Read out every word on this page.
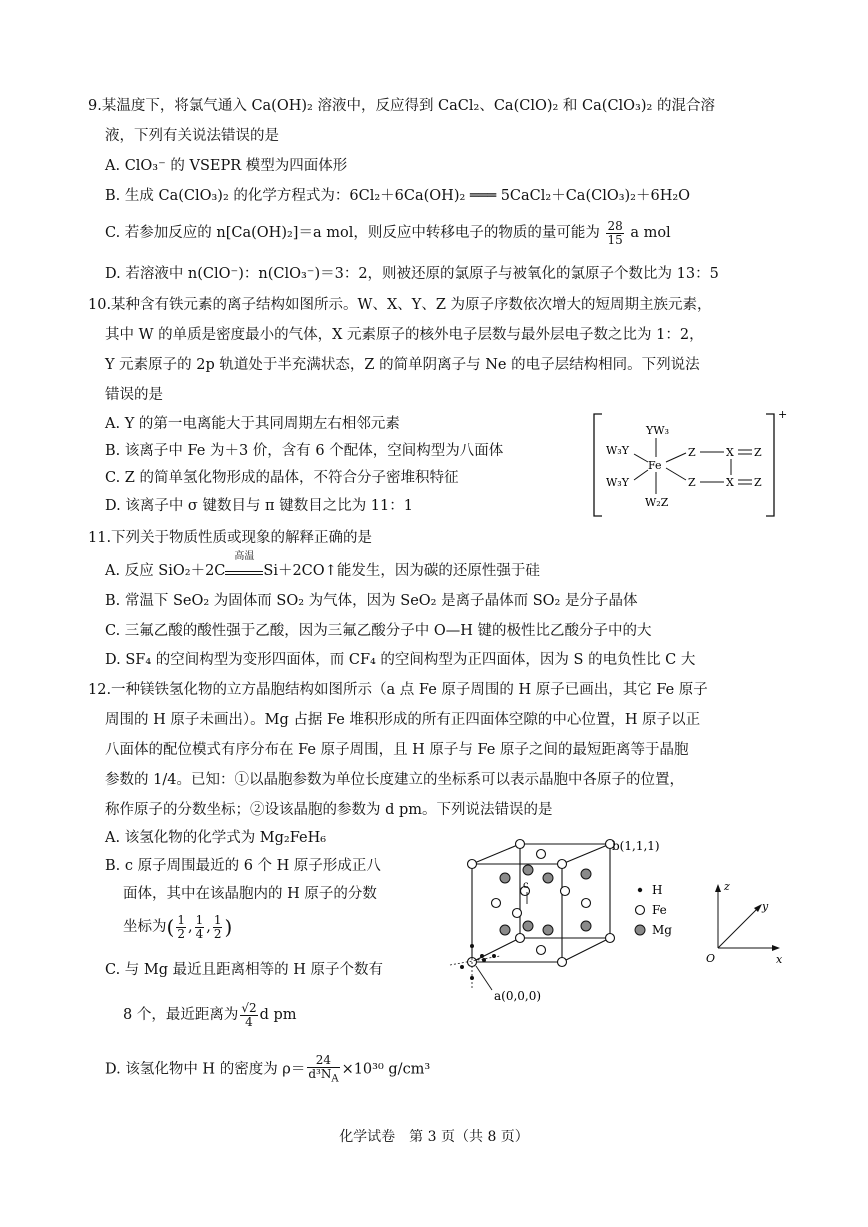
9.某温度下，将氯气通入 Ca(OH)₂ 溶液中，反应得到 CaCl₂、Ca(ClO)₂ 和 Ca(ClO₃)₂ 的混合溶
液，下列有关说法错误的是
A. ClO₃⁻ 的 VSEPR 模型为四面体形
B. 生成 Ca(ClO₃)₂ 的化学方程式为：6Cl₂＋6Ca(OH)₂ ═══ 5CaCl₂＋Ca(ClO₃)₂＋6H₂O
C. 若参加反应的 n[Ca(OH)₂]＝a mol，则反应中转移电子的物质的量可能为 $\frac{28}{15}$ a mol
D. 若溶液中 n(ClO⁻)：n(ClO₃⁻)＝3：2，则被还原的氯原子与被氧化的氯原子个数比为 13：5
10.某种含有铁元素的离子结构如图所示。W、X、Y、Z 为原子序数依次增大的短周期主族元素，
其中 W 的单质是密度最小的气体，X 元素原子的核外电子层数与最外层电子数之比为 1：2，
Y 元素原子的 2p 轨道处于半充满状态，Z 的简单阴离子与 Ne 的电子层结构相同。下列说法
错误的是
A. Y 的第一电离能大于其同周期左右相邻元素
B. 该离子中 Fe 为＋3 价，含有 6 个配体，空间构型为八面体
C. Z 的简单氢化物形成的晶体，不符合分子密堆积特征
D. 该离子中 σ 键数目与 π 键数目之比为 11：1
+
YW₃
W₃Y
W₃Y
Fe
W₂Z
Z
Z
X
X
Z
Z
11.下列关于物质性质或现象的解释正确的是
A. 反应 SiO₂＋2C
高温
Si＋2CO↑能发生，因为碳的还原性强于硅
B. 常温下 SeO₂ 为固体而 SO₂ 为气体，因为 SeO₂ 是离子晶体而 SO₂ 是分子晶体
C. 三氟乙酸的酸性强于乙酸，因为三氟乙酸分子中 O—H 键的极性比乙酸分子中的大
D. SF₄ 的空间构型为变形四面体，而 CF₄ 的空间构型为正四面体，因为 S 的电负性比 C 大
12.一种镁铁氢化物的立方晶胞结构如图所示（a 点 Fe 原子周围的 H 原子已画出，其它 Fe 原子
周围的 H 原子未画出）。Mg 占据 Fe 堆积形成的所有正四面体空隙的中心位置，H 原子以正
八面体的配位模式有序分布在 Fe 原子周围，且 H 原子与 Fe 原子之间的最短距离等于晶胞
参数的 1/4。已知：①以晶胞参数为单位长度建立的坐标系可以表示晶胞中各原子的位置，
称作原子的分数坐标；②设该晶胞的参数为 d pm。下列说法错误的是
A. 该氢化物的化学式为 Mg₂FeH₆
B. c 原子周围最近的 6 个 H 原子形成正八
面体，其中在该晶胞内的 H 原子的分数
坐标为( $\frac{1}{2}$ , $\frac{1}{4}$ , $\frac{1}{2}$ )
C. 与 Mg 最近且距离相等的 H 原子个数有
8 个，最近距离为 $\frac{√2}{4}$ d pm
D. 该氢化物中 H 的密度为 $\rho= \frac{24}{d^3N_A} \times 10^{30}$ g/cm³
c
b(1,1,1)
a(0,0,0)
H
Fe
Mg
z
y
x
O
化学试卷　第 3 页（共 8 页）
